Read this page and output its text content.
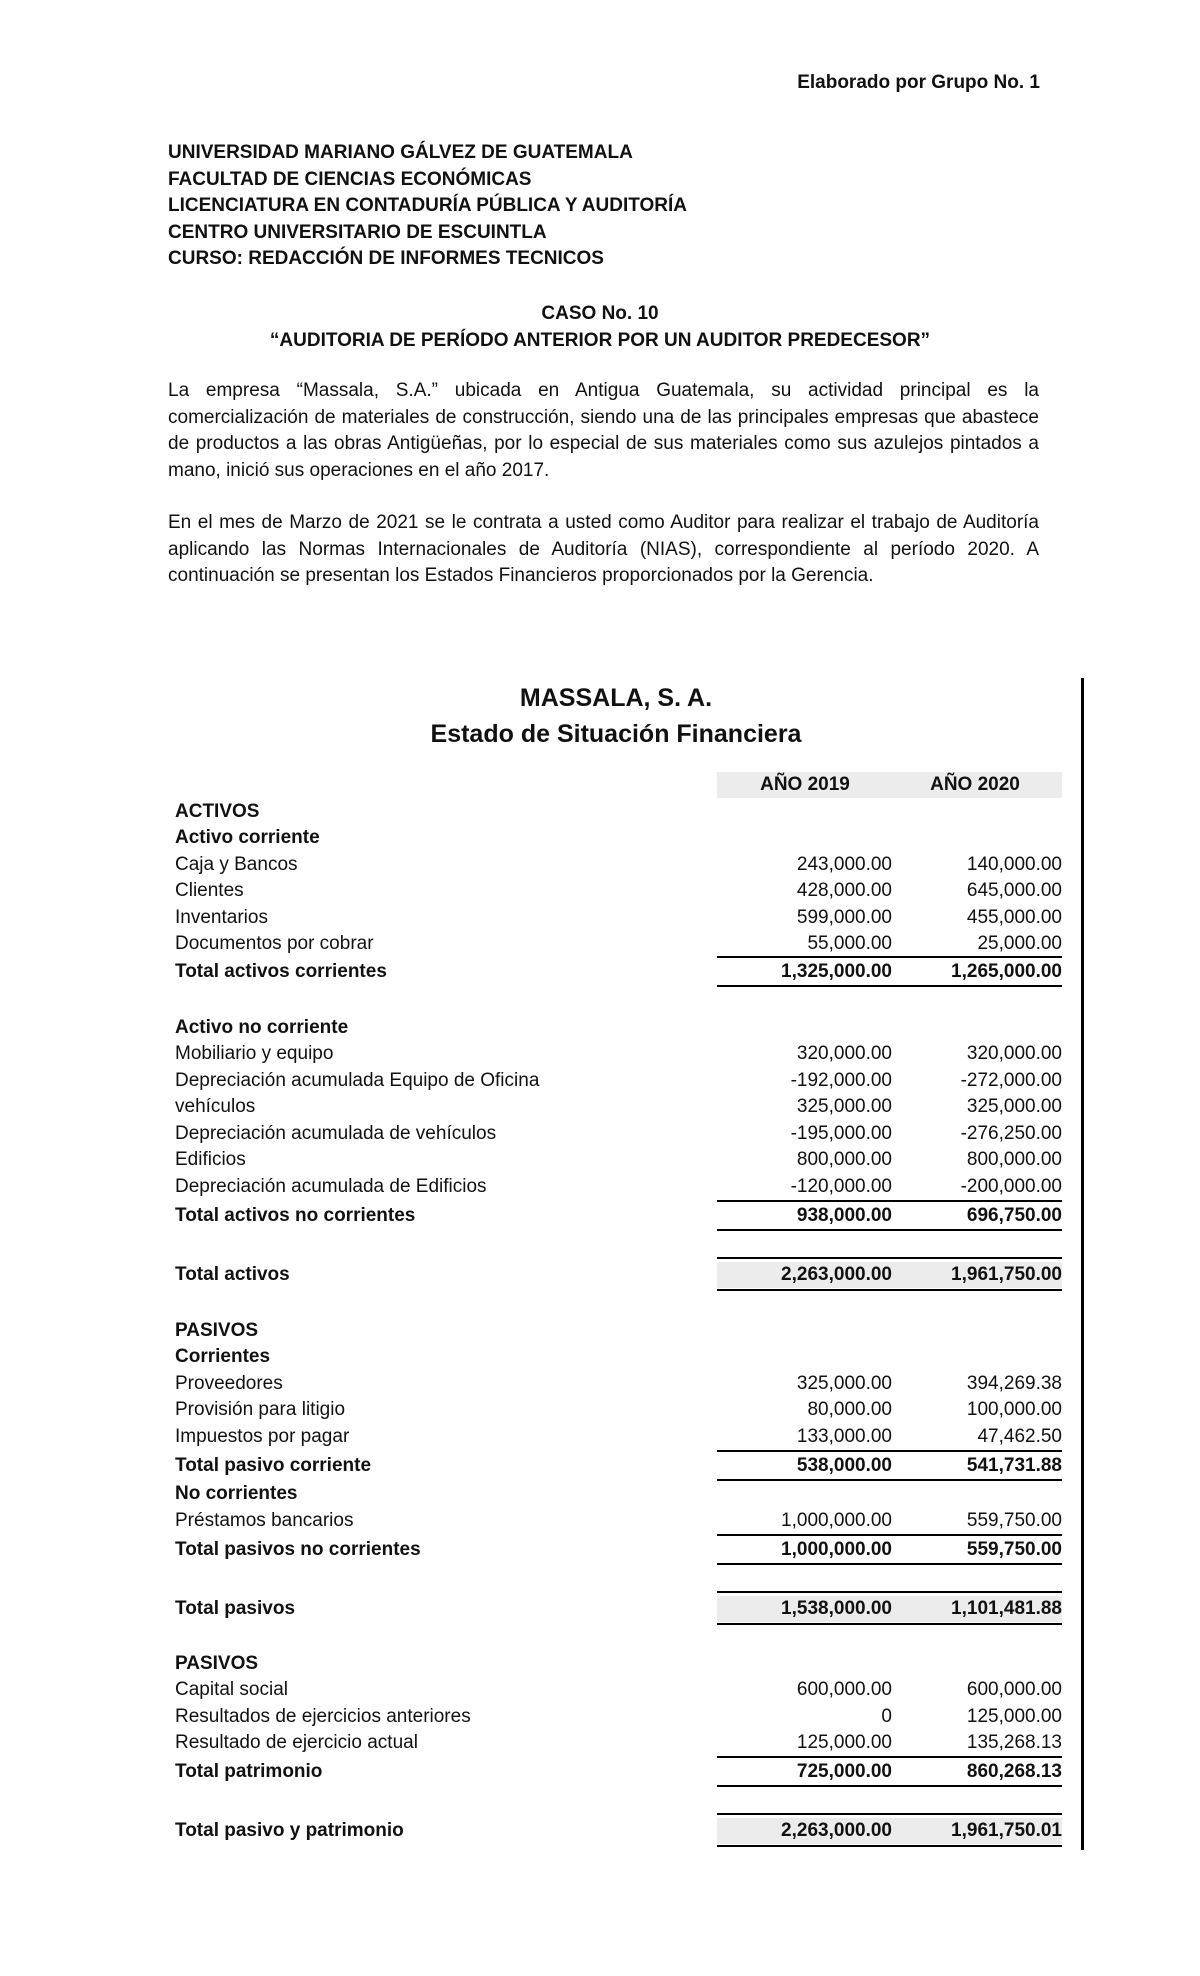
Elaborado por Grupo No. 1
UNIVERSIDAD MARIANO GÁLVEZ DE GUATEMALA
FACULTAD DE CIENCIAS ECONÓMICAS
LICENCIATURA EN CONTADURÍA PÚBLICA Y AUDITORÍA
CENTRO UNIVERSITARIO DE ESCUINTLA
CURSO: REDACCIÓN DE INFORMES TECNICOS
CASO No. 10
“AUDITORIA DE PERÍODO ANTERIOR POR UN AUDITOR PREDECESOR”
La empresa “Massala, S.A.” ubicada en Antigua Guatemala, su actividad principal es la comercialización de materiales de construcción, siendo una de las principales empresas que abastece de productos a las obras Antigüeñas, por lo especial de sus materiales como sus azulejos pintados a mano, inició sus operaciones en el año 2017.
En el mes de Marzo de 2021 se le contrata a usted como Auditor para realizar el trabajo de Auditoría aplicando las Normas Internacionales de Auditoría (NIAS), correspondiente al período 2020. A continuación se presentan los Estados Financieros proporcionados por la Gerencia.
MASSALA, S. A.
Estado de Situación Financiera
AÑO 2019	AÑO 2020
ACTIVOS
Activo corriente
Caja y Bancos	243,000.00	140,000.00
Clientes	428,000.00	645,000.00
Inventarios	599,000.00	455,000.00
Documentos por cobrar	55,000.00	25,000.00
Total activos corrientes	1,325,000.00	1,265,000.00
Activo no corriente
Mobiliario y equipo	320,000.00	320,000.00
Depreciación acumulada Equipo de Oficina	-192,000.00	-272,000.00
vehículos	325,000.00	325,000.00
Depreciación acumulada de vehículos	-195,000.00	-276,250.00
Edificios	800,000.00	800,000.00
Depreciación acumulada de Edificios	-120,000.00	-200,000.00
Total activos no corrientes	938,000.00	696,750.00
Total activos	2,263,000.00	1,961,750.00
PASIVOS
Corrientes
Proveedores	325,000.00	394,269.38
Provisión para litigio	80,000.00	100,000.00
Impuestos por pagar	133,000.00	47,462.50
Total pasivo corriente	538,000.00	541,731.88
No corrientes
Préstamos bancarios	1,000,000.00	559,750.00
Total pasivos no corrientes	1,000,000.00	559,750.00
Total pasivos	1,538,000.00	1,101,481.88
PASIVOS
Capital social	600,000.00	600,000.00
Resultados de ejercicios anteriores	0	125,000.00
Resultado de ejercicio actual	125,000.00	135,268.13
Total patrimonio	725,000.00	860,268.13
Total pasivo y patrimonio	2,263,000.00	1,961,750.01
